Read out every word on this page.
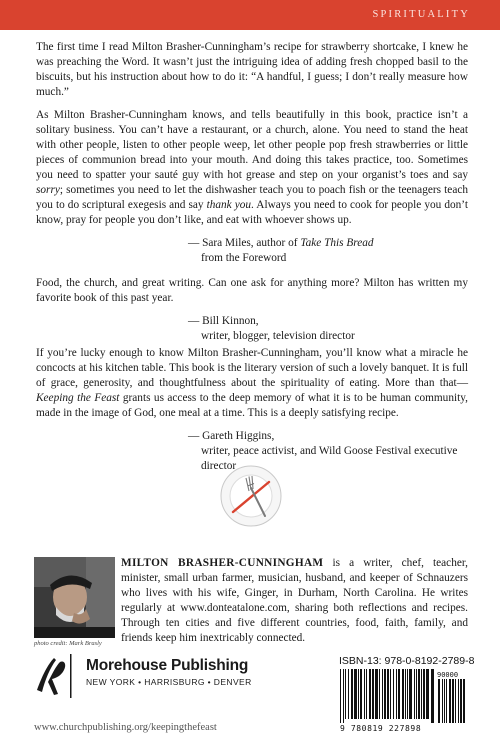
SPIRITUALITY

The first time I read Milton Brasher-Cunningham’s recipe for strawberry shortcake, I knew he was preaching the Word. It wasn’t just the intriguing idea of adding fresh chopped basil to the biscuits, but his instruction about how to do it: “A handful, I guess; I don’t really measure how much.”

As Milton Brasher-Cunningham knows, and tells beautifully in this book, practice isn’t a solitary business. You can’t have a restaurant, or a church, alone. You need to stand the heat with other people, listen to other people weep, let other people pop fresh strawberries or little pieces of communion bread into your mouth. And doing this takes practice, too. Sometimes you need to spatter your sauté guy with hot grease and step on your organist’s toes and say sorry; sometimes you need to let the dishwasher teach you to poach fish or the teenagers teach you to do scriptural exegesis and say thank you. Always you need to cook for people you don’t know, pray for people you don’t like, and eat with whoever shows up.

— Sara Miles, author of Take This Bread
from the Foreword

Food, the church, and great writing. Can one ask for anything more? Milton has written my favorite book of this past year.

— Bill Kinnon,
writer, blogger, television director

If you’re lucky enough to know Milton Brasher-Cunningham, you’ll know what a miracle he concocts at his kitchen table. This book is the literary version of such a lovely banquet. It is full of grace, generosity, and thoughtfulness about the spirituality of eating. More than that—Keeping the Feast grants us access to the deep memory of what it is to be human community, made in the image of God, one meal at a time. This is a deeply satisfying recipe.

— Gareth Higgins,
writer, peace activist, and Wild Goose Festival executive director
photo credit: Mark Brasly

MILTON BRASHER-CUNNINGHAM is a writer, chef, teacher, minister, small urban farmer, musician, husband, and keeper of Schnauzers who lives with his wife, Ginger, in Durham, North Carolina. He writes regularly at www.donteatalone.com, sharing both reflections and recipes. Through ten cities and five different countries, food, faith, family, and friends keep him inextricably connected.

Morehouse Publishing
NEW YORK • HARRISBURG • DENVER
ISBN-13: 978-0-8192-2789-8
9 780819 227898
90000
www.churchpublishing.org/keepingthefeast
